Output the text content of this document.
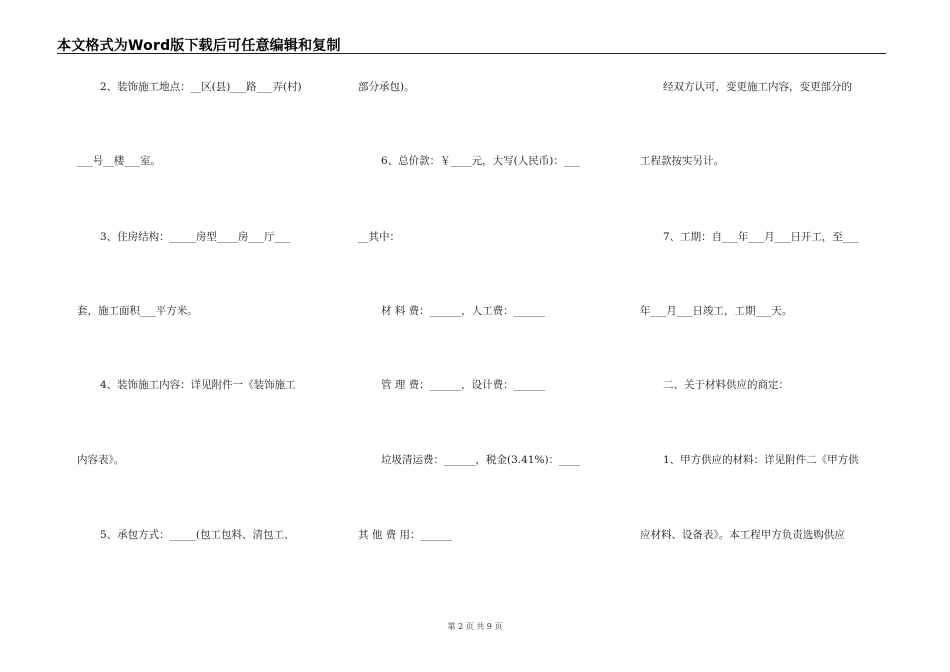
本文格式为Word版下载后可任意编辑和复制
2、装饰施工地点：__区(县)___路___弄(村)
___号__楼___室。
3、住房结构：_____房型____房___厅___
套，施工面积___平方米。
4、装饰施工内容：详见附件一《装饰施工
内容表》。
5、承包方式：_____(包工包料、清包工、
部分承包)。
6、总价款：￥____元，大写(人民币)：___
__其中：
材 料 费：______，人工费：______
管 理 费：______，设计费：______
垃圾清运费：______，税金(3.41%)：____
其 他 费 用：______
经双方认可，变更施工内容，变更部分的
工程款按实另计。
7、工期：自___年___月___日开工，至___
年___月___日竣工，工期___天。
二、关于材料供应的商定：
1、甲方供应的材料：详见附件二《甲方供
应材料、设备表》。本工程甲方负责选购供应
第 2 页 共 9 页
